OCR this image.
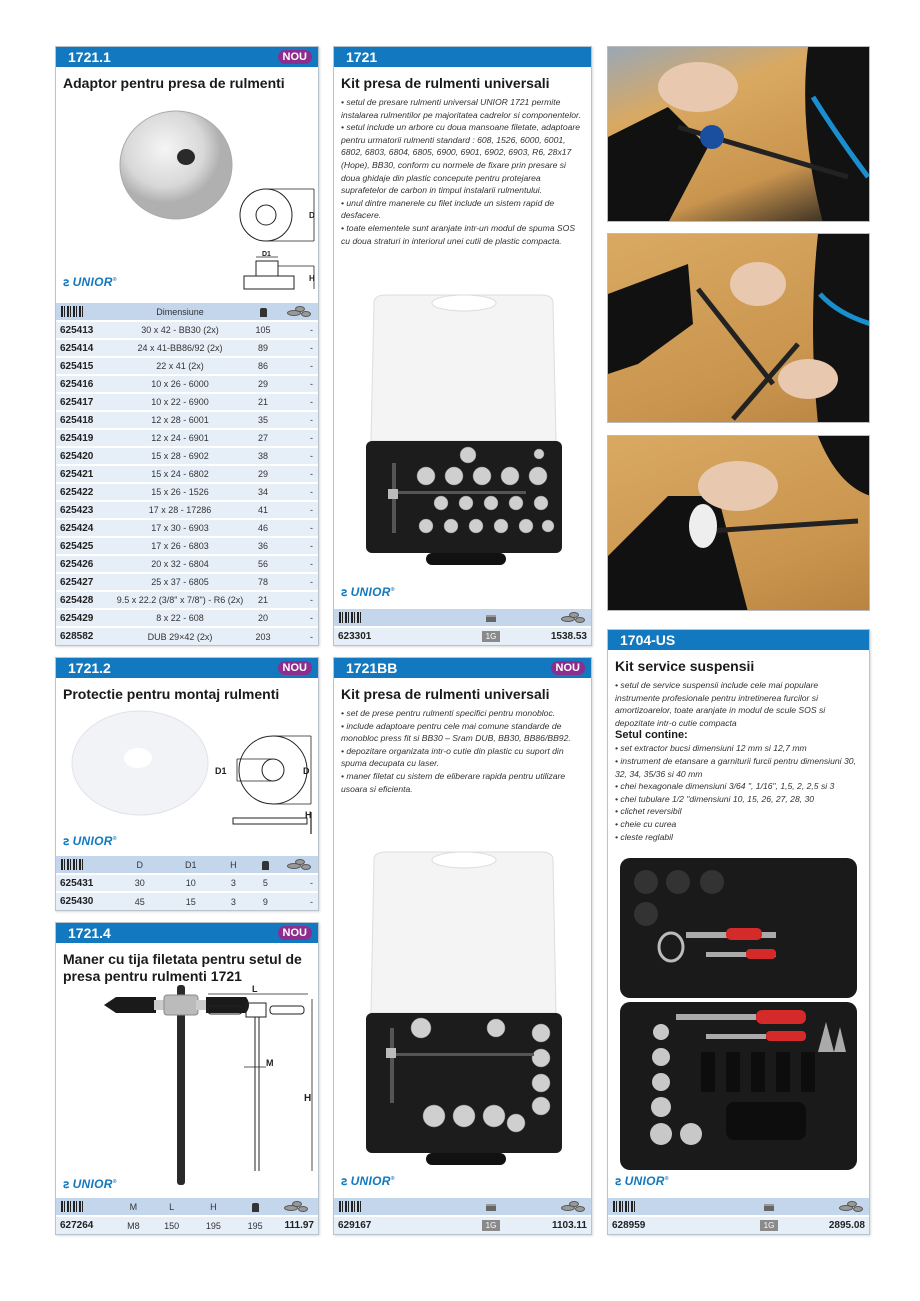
1721.1	NOU
Adaptor pentru presa de rulmenti
D
D1
H
ꙅ UNIOR®
	Dimensiune		

625413	30 x 42 - BB30 (2x)	105	-
625414	24 x 41-BB86/92 (2x)	89	-
625415	22 x 41 (2x)	86	-
625416	10 x 26 - 6000	29	-
625417	10 x 22 - 6900	21	-
625418	12 x 28 - 6001	35	-
625419	12 x 24 - 6901	27	-
625420	15 x 28 - 6902	38	-
625421	15 x 24 - 6802	29	-
625422	15 x 26 - 1526	34	-
625423	17 x 28 - 17286	41	-
625424	17 x 30 - 6903	46	-
625425	17 x 26 - 6803	36	-
625426	20 x 32 - 6804	56	-
625427	25 x 37 - 6805	78	-
625428	9.5 x 22.2 (3/8" x 7/8") - R6 (2x)	21	-
625429	8 x 22 - 608	20	-
628582	DUB 29×42 (2x)	203	-
1721.2	NOU
Protectie pentru montaj rulmenti
D1	D
H
ꙅ UNIOR®
	D	D1	H		

625431	30	10	3	5	-
625430	45	15	3	9	-
1721.4	NOU
Maner cu tija filetata pentru setul de presa pentru rulmenti 1721
L
M
H
ꙅ UNIOR®
	M	L	H		

627264	M8	150	195	195	111.97
1721
Kit presa de rulmenti universali
• setul de presare rulmenti universal UNIOR 1721 permite instalarea rulmentilor pe majoritatea cadrelor si componentelor.
• setul include un arbore cu doua mansoane filetate, adaptoare pentru urmatorii rulmenti standard : 608, 1526, 6000, 6001, 6802, 6803, 6804, 6805, 6900, 6901, 6902, 6903, R6, 28x17 (Hope), BB30, conform cu normele de fixare prin presare si doua ghidaje din plastic concepute pentru protejarea suprafetelor de carbon in timpul instalarii rulmentului.
• unul dintre manerele cu filet include un sistem rapid de desfacere.
• toate elementele sunt aranjate intr-un modul de spuma SOS cu doua straturi in interiorul unei cutii de plastic compacta.
ꙅ UNIOR®

623301	1G	1538.53
1721BB	NOU
Kit presa de rulmenti universali
• set de prese pentru rulmenti specifici pentru monobloc.
• include adaptoare pentru cele mai comune standarde de monobloc press fit si BB30 – Sram DUB, BB30, BB86/BB92.
• depozitare organizata intr-o cutie din plastic cu suport din spuma decupata cu laser.
• maner filetat cu sistem de eliberare rapida pentru utilizare usoara si eficienta.
ꙅ UNIOR®

629167	1G	1103.11
1704-US
Kit service suspensii
• setul de service suspensii include cele mai populare instrumente profesionale pentru intretinerea furcilor si amortizoarelor, toate aranjate in modul de scule SOS si depozitate intr-o cutie compacta
Setul contine:
• set extractor bucsi dimensiuni 12 mm si 12,7 mm
• instrument de etansare a garniturii furcii pentru dimensiuni 30, 32, 34, 35/36 si 40 mm
• chei hexagonale dimensiuni 3/64 ", 1/16", 1,5, 2, 2,5 si 3
• chei tubulare 1/2 "dimensiuni 10, 15, 26, 27, 28, 30
• clichet reversibil
• cheie cu curea
• cleste reglabil
ꙅ UNIOR®

628959	1G	2895.08
